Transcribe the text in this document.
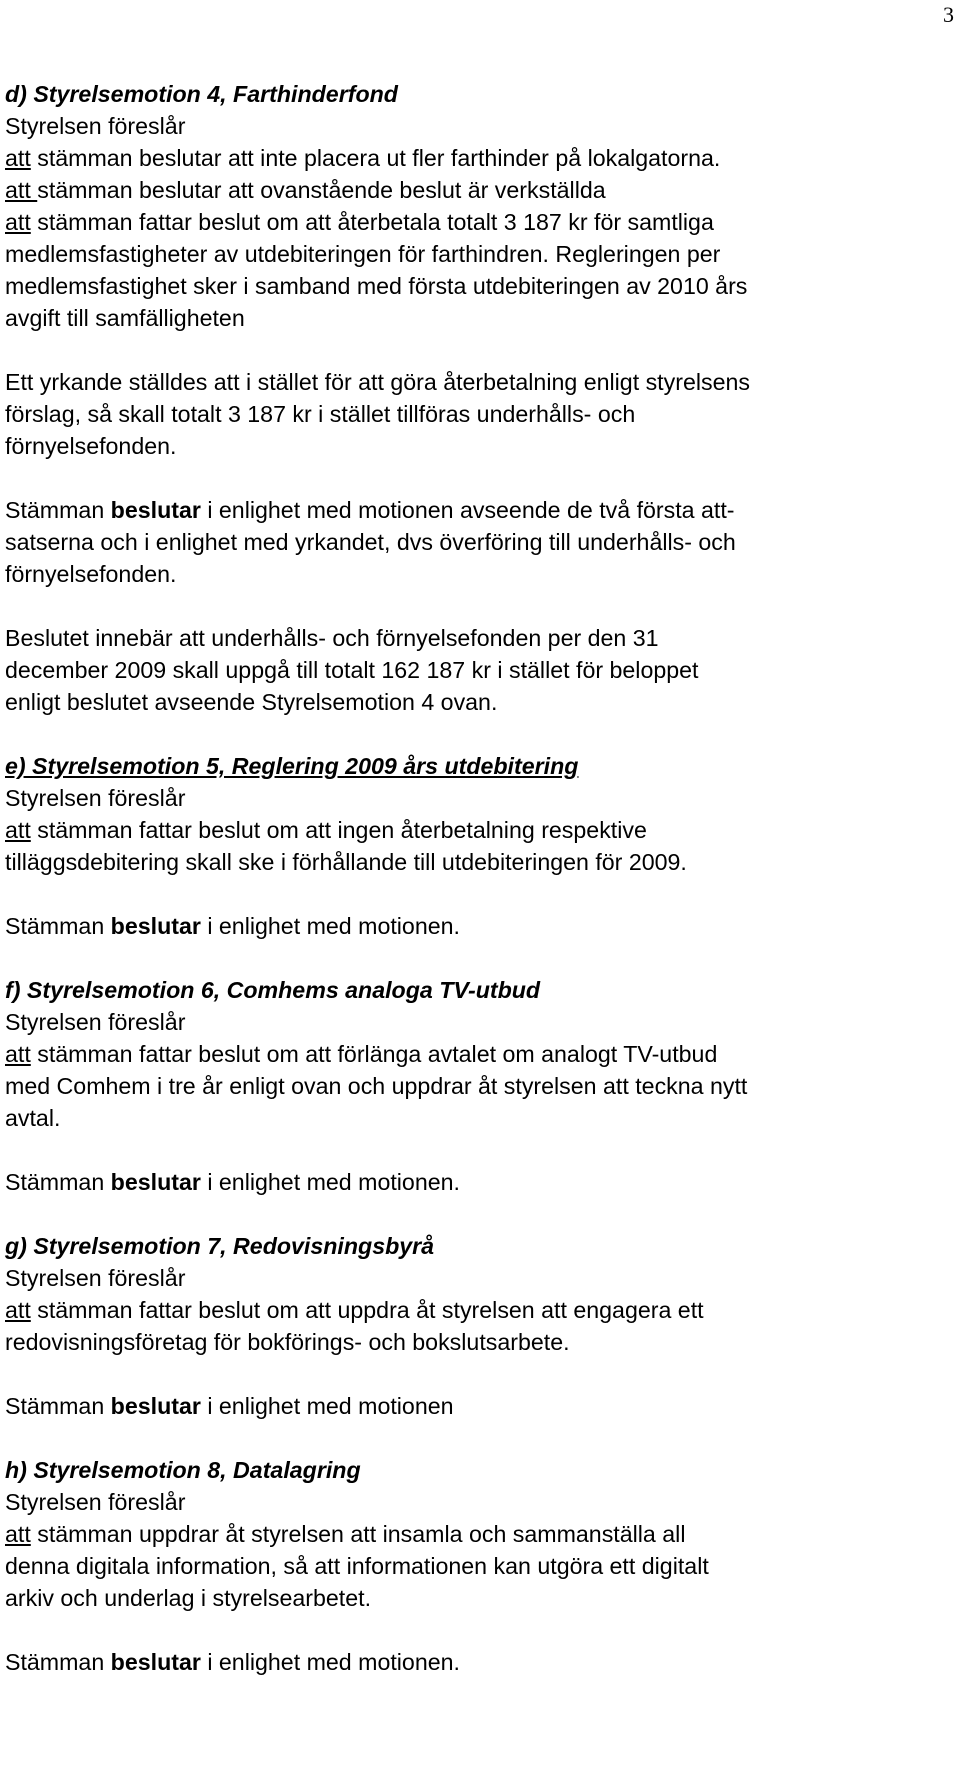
3
d) Styrelsemotion 4, Farthinderfond
Styrelsen föreslår
att stämman beslutar att inte placera ut fler farthinder på lokalgatorna.
att stämman beslutar att ovanstående beslut är verkställda
att stämman fattar beslut om att återbetala totalt 3 187 kr för samtliga
medlemsfastigheter av utdebiteringen för farthindren. Regleringen per
medlemsfastighet sker i samband med första utdebiteringen av 2010 års
avgift till samfälligheten
Ett yrkande ställdes att i stället för att göra återbetalning enligt styrelsens
förslag, så skall totalt 3 187 kr i stället tillföras underhålls- och
förnyelsefonden.
Stämman beslutar i enlighet med motionen avseende de två första att-
satserna och i enlighet med yrkandet, dvs överföring till underhålls- och
förnyelsefonden.
Beslutet innebär att underhålls- och förnyelsefonden per den 31
december 2009 skall uppgå till totalt 162 187 kr i stället för beloppet
enligt beslutet avseende Styrelsemotion 4 ovan.
e) Styrelsemotion 5, Reglering 2009 års utdebitering
Styrelsen föreslår
att stämman fattar beslut om att ingen återbetalning respektive
tilläggsdebitering skall ske i förhållande till utdebiteringen för 2009.
Stämman beslutar i enlighet med motionen.
f) Styrelsemotion 6, Comhems analoga TV-utbud
Styrelsen föreslår
att stämman fattar beslut om att förlänga avtalet om analogt TV-utbud
med Comhem i tre år enligt ovan och uppdrar åt styrelsen att teckna nytt
avtal.
Stämman beslutar i enlighet med motionen.
g) Styrelsemotion 7, Redovisningsbyrå
Styrelsen föreslår
att stämman fattar beslut om att uppdra åt styrelsen att engagera ett
redovisningsföretag för bokförings- och bokslutsarbete.
Stämman beslutar i enlighet med motionen
h) Styrelsemotion 8, Datalagring
Styrelsen föreslår
att stämman uppdrar åt styrelsen att insamla och sammanställa all
denna digitala information, så att informationen kan utgöra ett digitalt
arkiv och underlag i styrelsearbetet.
Stämman beslutar i enlighet med motionen.
